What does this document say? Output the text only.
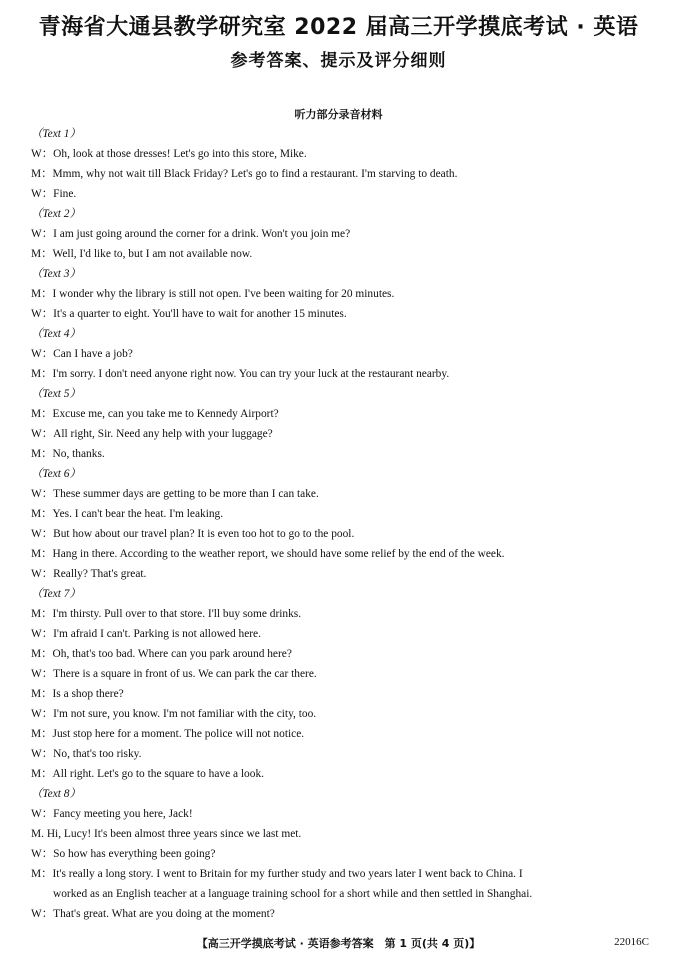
青海省大通县教学研究室 2022 届高三开学摸底考试 · 英语
参考答案、提示及评分细则
听力部分录音材料
（Text 1）
W：Oh, look at those dresses! Let's go into this store, Mike.
M：Mmm, why not wait till Black Friday? Let's go to find a restaurant. I'm starving to death.
W：Fine.
（Text 2）
W：I am just going around the corner for a drink. Won't you join me?
M：Well, I'd like to, but I am not available now.
（Text 3）
M：I wonder why the library is still not open. I've been waiting for 20 minutes.
W：It's a quarter to eight. You'll have to wait for another 15 minutes.
（Text 4）
W：Can I have a job?
M：I'm sorry. I don't need anyone right now. You can try your luck at the restaurant nearby.
（Text 5）
M：Excuse me, can you take me to Kennedy Airport?
W：All right, Sir. Need any help with your luggage?
M：No, thanks.
（Text 6）
W：These summer days are getting to be more than I can take.
M：Yes. I can't bear the heat. I'm leaking.
W：But how about our travel plan? It is even too hot to go to the pool.
M：Hang in there. According to the weather report, we should have some relief by the end of the week.
W：Really? That's great.
（Text 7）
M：I'm thirsty. Pull over to that store. I'll buy some drinks.
W：I'm afraid I can't. Parking is not allowed here.
M：Oh, that's too bad. Where can you park around here?
W：There is a square in front of us. We can park the car there.
M：Is a shop there?
W：I'm not sure, you know. I'm not familiar with the city, too.
M：Just stop here for a moment. The police will not notice.
W：No, that's too risky.
M：All right. Let's go to the square to have a look.
（Text 8）
W：Fancy meeting you here, Jack!
M. Hi, Lucy! It's been almost three years since we last met.
W：So how has everything been going?
M：It's really a long story. I went to Britain for my further study and two years later I went back to China. I
worked as an English teacher at a language training school for a short while and then settled in Shanghai.
W：That's great. What are you doing at the moment?
【高三开学摸底考试 · 英语参考答案　第 1 页(共 4 页)】	22016C
